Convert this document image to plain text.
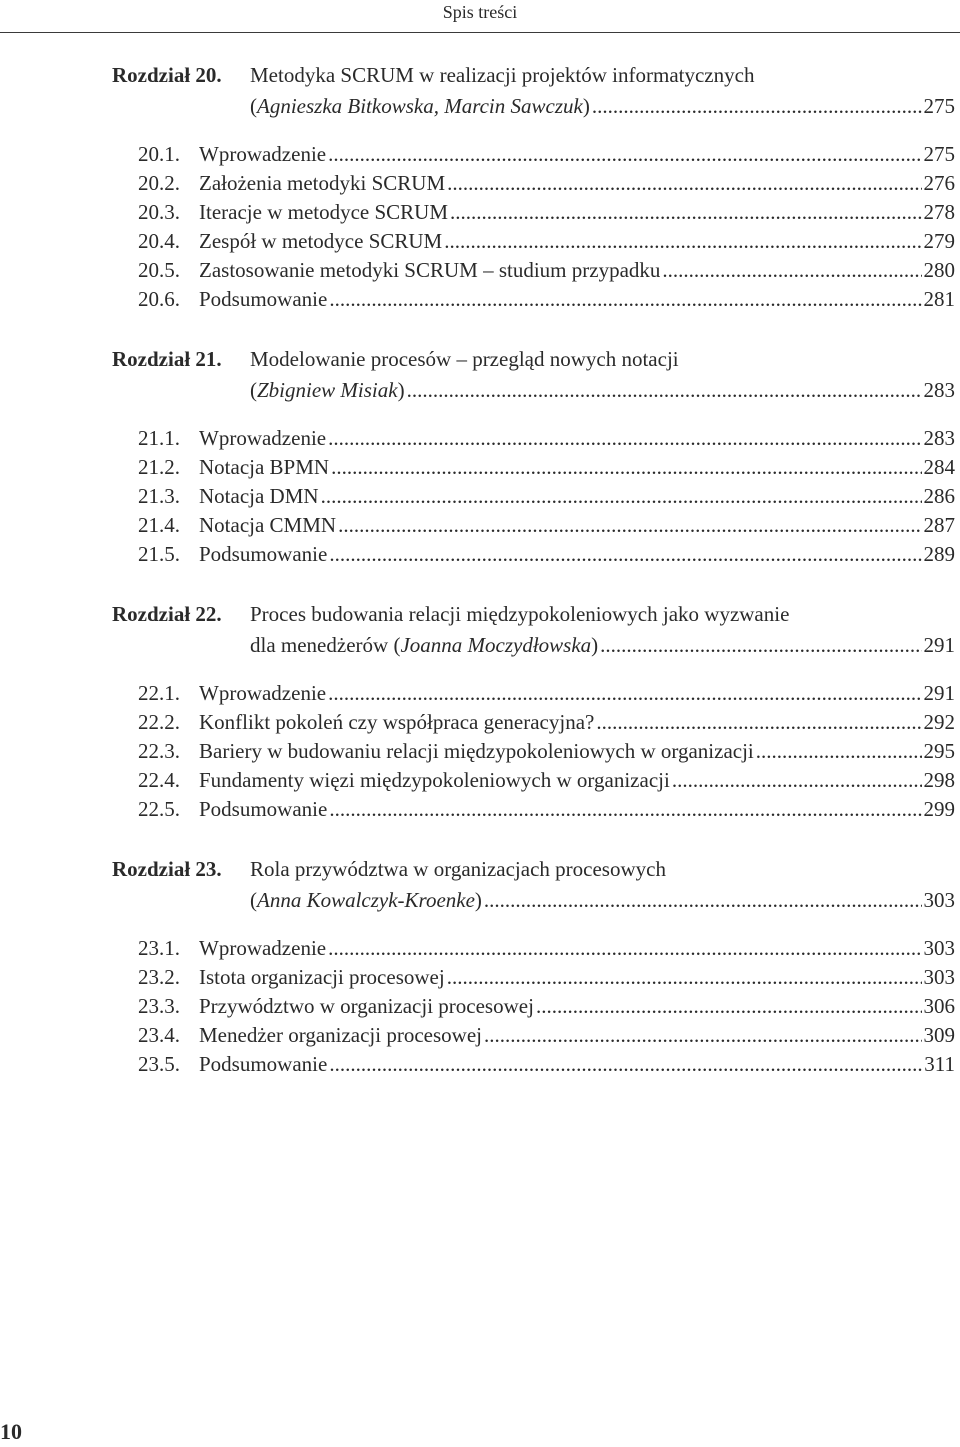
Spis treści
Rozdział 20. Metodyka SCRUM w realizacji projektów informatycznych
(Agnieszka Bitkowska, Marcin Sawczuk) .....	275
20.1. Wprowadzenie .....	275
20.2. Założenia metodyki SCRUM .....	276
20.3. Iteracje w metodyce SCRUM .....	278
20.4. Zespół w metodyce SCRUM .....	279
20.5. Zastosowanie metodyki SCRUM – studium przypadku .....	280
20.6. Podsumowanie .....	281
Rozdział 21. Modelowanie procesów – przegląd nowych notacji
(Zbigniew Misiak) .....	283
21.1. Wprowadzenie .....	283
21.2. Notacja BPMN .....	284
21.3. Notacja DMN .....	286
21.4. Notacja CMMN .....	287
21.5. Podsumowanie .....	289
Rozdział 22. Proces budowania relacji międzypokoleniowych jako wyzwanie
dla menedżerów (Joanna Moczydłowska) .....	291
22.1. Wprowadzenie .....	291
22.2. Konflikt pokoleń czy współpraca generacyjna? .....	292
22.3. Bariery w budowaniu relacji międzypokoleniowych w organizacji .....	295
22.4. Fundamenty więzi międzypokoleniowych w organizacji .....	298
22.5. Podsumowanie .....	299
Rozdział 23. Rola przywództwa w organizacjach procesowych
(Anna Kowalczyk-Kroenke) .....	303
23.1. Wprowadzenie .....	303
23.2. Istota organizacji procesowej .....	303
23.3. Przywództwo w organizacji procesowej .....	306
23.4. Menedżer organizacji procesowej .....	309
23.5. Podsumowanie .....	311
10
